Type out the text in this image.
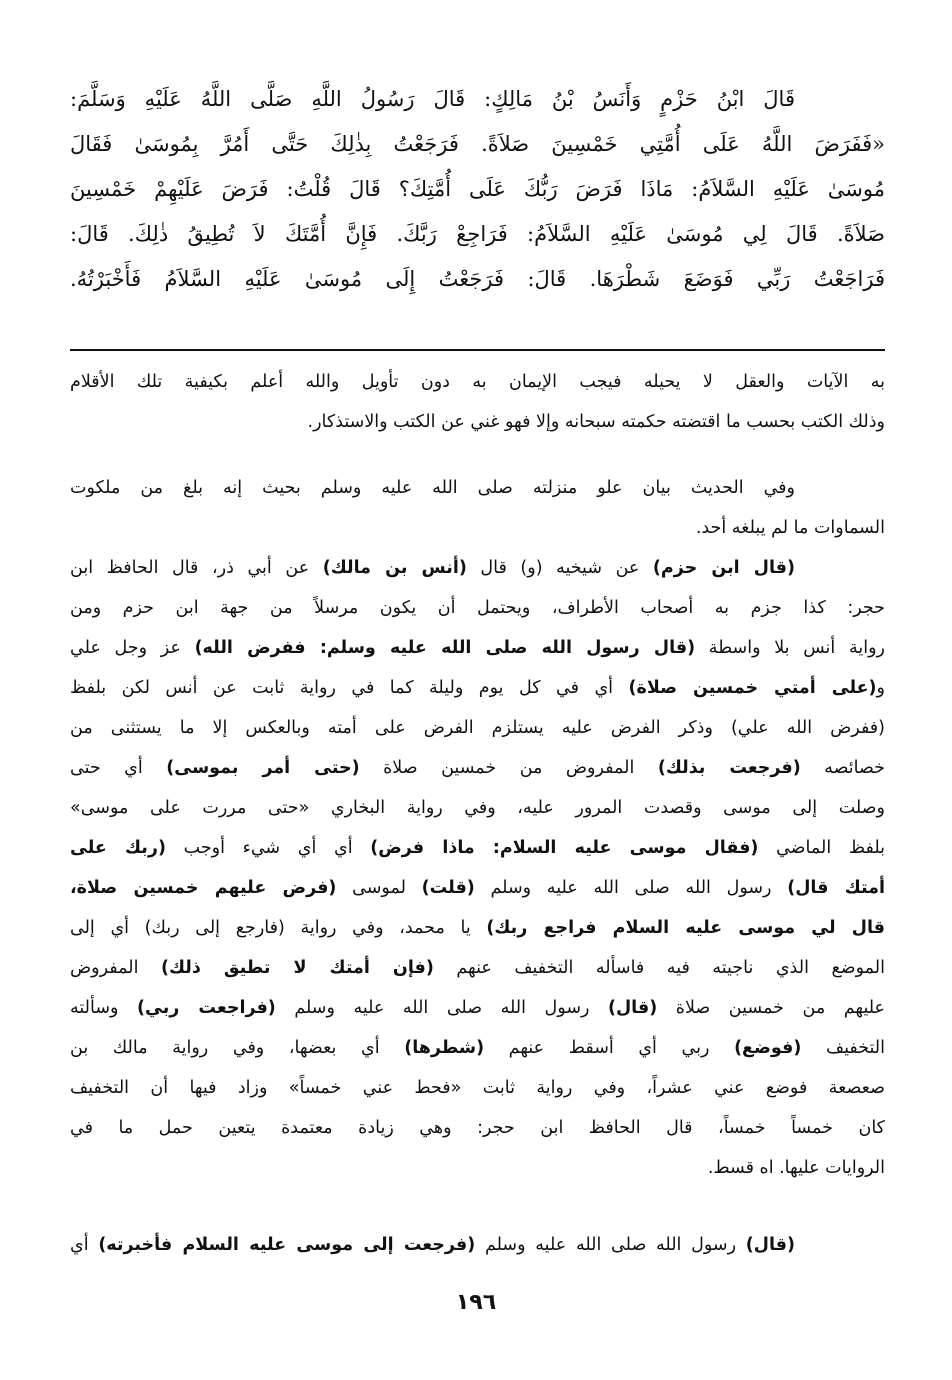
قَالَ ابْنُ حَزْمٍ وَأَنَسُ بْنُ مَالِكٍ: قَالَ رَسُولُ اللَّهِ صَلَّى اللَّهُ عَلَيْهِ وَسَلَّمَ:
«فَفَرَضَ اللَّهُ عَلَى أُمَّتِي خَمْسِينَ صَلاَةً. فَرَجَعْتُ بِذٰلِكَ حَتَّى أَمُرَّ بِمُوسَىٰ فَقَالَ
مُوسَىٰ عَلَيْهِ السَّلاَمُ: مَاذَا فَرَضَ رَبُّكَ عَلَى أُمَّتِكَ؟ قَالَ قُلْتُ: فَرَضَ عَلَيْهِمْ خَمْسِينَ
صَلاَةً. قَالَ لِي مُوسَىٰ عَلَيْهِ السَّلاَمُ: فَرَاجِعْ رَبَّكَ. فَإِنَّ أُمَّتَكَ لاَ تُطِيقُ ذٰلِكَ. قَالَ:
فَرَاجَعْتُ رَبِّي فَوَضَعَ شَطْرَهَا. قَالَ: فَرَجَعْتُ إِلَى مُوسَىٰ عَلَيْهِ السَّلاَمُ فَأَخْبَرْتُهُ.
به الآيات والعقل لا يحيله فيجب الإيمان به دون تأويل والله أعلم بكيفية تلك الأقلام
وذلك الكتب بحسب ما اقتضته حكمته سبحانه وإلا فهو غني عن الكتب والاستذكار.
وفي الحديث بيان علو منزلته صلى الله عليه وسلم بحيث إنه بلغ من ملكوت
السماوات ما لم يبلغه أحد.
(قال ابن حزم) عن شيخيه (و) قال (أنس بن مالك) عن أبي ذر، قال الحافظ ابن
حجر: كذا جزم به أصحاب الأطراف، ويحتمل أن يكون مرسلاً من جهة ابن حزم ومن
رواية أنس بلا واسطة (قال رسول الله صلى الله عليه وسلم: ففرض الله) عز وجل علي
و(على أمتي خمسين صلاة) أي في كل يوم وليلة كما في رواية ثابت عن أنس لكن بلفظ
(ففرض الله علي) وذكر الفرض عليه يستلزم الفرض على أمته وبالعكس إلا ما يستثنى من
خصائصه (فرجعت بذلك) المفروض من خمسين صلاة (حتى أمر بموسى) أي حتى
وصلت إلى موسى وقصدت المرور عليه، وفي رواية البخاري «حتى مررت على موسى»
بلفظ الماضي (فقال موسى عليه السلام: ماذا فرض) أي أي شيء أوجب (ربك على
أمتك قال) رسول الله صلى الله عليه وسلم (قلت) لموسى (فرض عليهم خمسين صلاة،
قال لي موسى عليه السلام فراجع ربك) يا محمد، وفي رواية (فارجع إلى ربك) أي إلى
الموضع الذي ناجيته فيه فاسأله التخفيف عنهم (فإن أمتك لا تطيق ذلك) المفروض
عليهم من خمسين صلاة (قال) رسول الله صلى الله عليه وسلم (فراجعت ربي) وسألته
التخفيف (فوضع) ربي أي أسقط عنهم (شطرها) أي بعضها، وفي رواية مالك بن
صعصعة فوضع عني عشراً، وفي رواية ثابت «فحط عني خمساً» وزاد فيها أن التخفيف
كان خمساً خمساً، قال الحافظ ابن حجر: وهي زيادة معتمدة يتعين حمل ما في
الروايات عليها. اه قسط.
(قال) رسول الله صلى الله عليه وسلم (فرجعت إلى موسى عليه السلام فأخبرته) أي
١٩٦
